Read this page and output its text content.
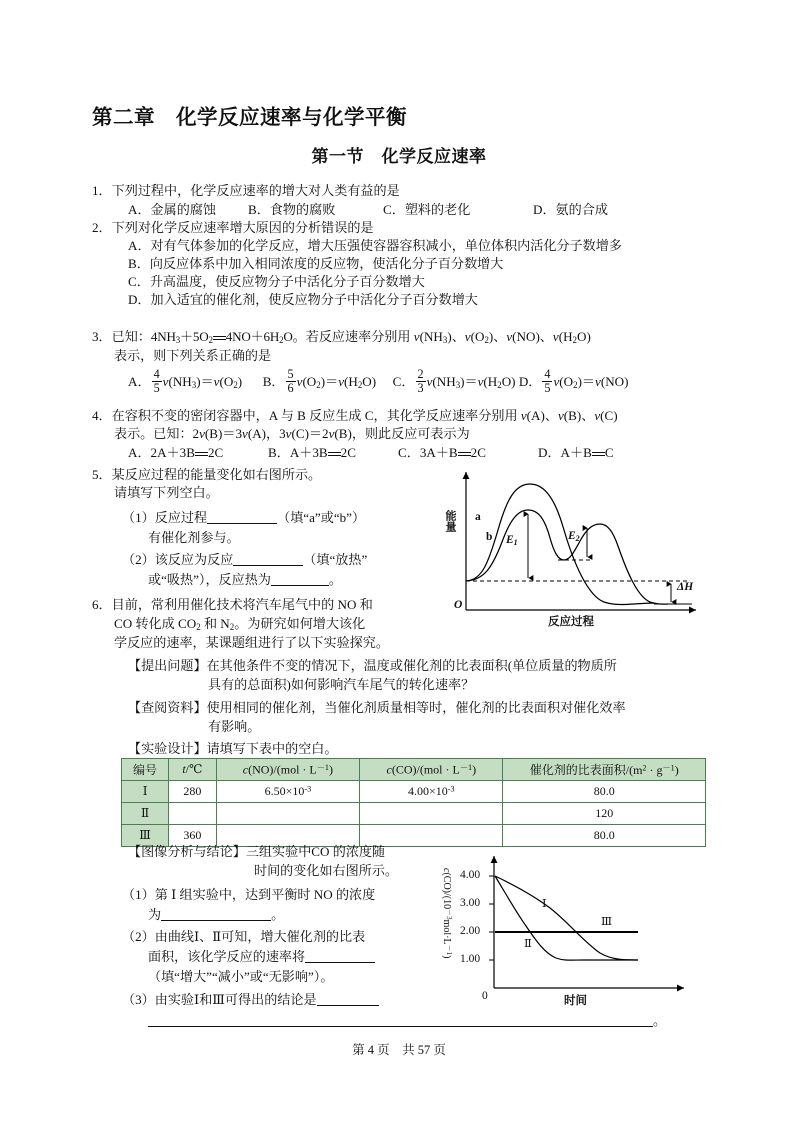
第二章　化学反应速率与化学平衡
第一节　化学反应速率
1．下列过程中，化学反应速率的增大对人类有益的是
A．金属的腐蚀 B．食物的腐败	C．塑料的老化	D．氨的合成
2．下列对化学反应速率增大原因的分析错误的是
A．对有气体参加的化学反应，增大压强使容器容积减小，单位体积内活化分子数增多
B．向反应体系中加入相同浓度的反应物，使活化分子百分数增大
C．升高温度，使反应物分子中活化分子百分数增大
D．加入适宜的催化剂，使反应物分子中活化分子百分数增大
3．已知：$4NH_3+5O_2$ $4NO+6H_2O$。若反应速率分别用 $v(NH_3)$、$v(O_2)$、v(NO)、$v(H_2O)$
表示，则下列关系正确的是
A． $\frac{4}{5} v(NH_3)=v(O_2)$ B． $\frac{5}{6} v(O_2)=v(H_2O)$ C． $\frac{2}{3} v(NH_3)=v(H_2O)$ D． $\frac{4}{5} v(O_2)=v(NO)$
4．在容积不变的密闭容器中，A 与 B 反应生成 C，其化学反应速率分别用 v(A)、v(B)、v(C)
表示。已知：2v(B)＝3v(A)，3v(C)＝2v(B)，则此反应可表示为
A．2A＋3B 2C	B．A＋3B 2C	C．3A＋B 2C	D．A＋B C
5．某反应过程的能量变化如右图所示。
请填写下列空白。
（1）反应过程	（填“a”或“b”）
有催化剂参与。
（2）该反应为反应	（填“放热”
或“吸热”），反应热为	。
6．目前，常利用催化技术将汽车尾气中的 NO 和
CO 转化成 $CO_2$ 和 $N_2$。为研究如何增大该化
学反应的速率，某课题组进行了以下实验探究。
【提出问题】在其他条件不变的情况下，温度或催化剂的比表面积(单位质量的物质所
具有的总面积)如何影响汽车尾气的转化速率？
【查阅资料】使用相同的催化剂，当催化剂质量相等时，催化剂的比表面积对催化效率
有影响。
【实验设计】请填写下表中的空白。
编号	t/℃	$c(NO)/(mol \cdot L^{-1})$	$c(CO)/(mol \cdot L^{-1})$	催化剂的比表面积$/(m^2 \cdot g^{-1})$
Ⅰ	280	$6.50\times 10^{-3}$	$4.00\times 10^{-3}$	80.0
Ⅱ				120
Ⅲ	360			80.0
【图像分析与结论】三组实验中CO 的浓度随
时间的变化如右图所示。
（1）第 Ⅰ 组实验中，达到平衡时 NO 的浓度
为	。
（2）由曲线Ⅰ、Ⅱ可知，增大催化剂的比表
面积，该化学反应的速率将
（填“增大”“减小”或“无影响”）。
（3）由实验Ⅰ和Ⅲ可得出的结论是
。
第 4 页　共 57 页
能量 a
b $E_1$
$E_2$
ΔH
O
反应过程
$c(CO)/(10^{-3}mol\cdot L^{-1})$
4.00
3.00
2.00
1.00
Ⅰ
Ⅱ
Ⅲ
0	时间
